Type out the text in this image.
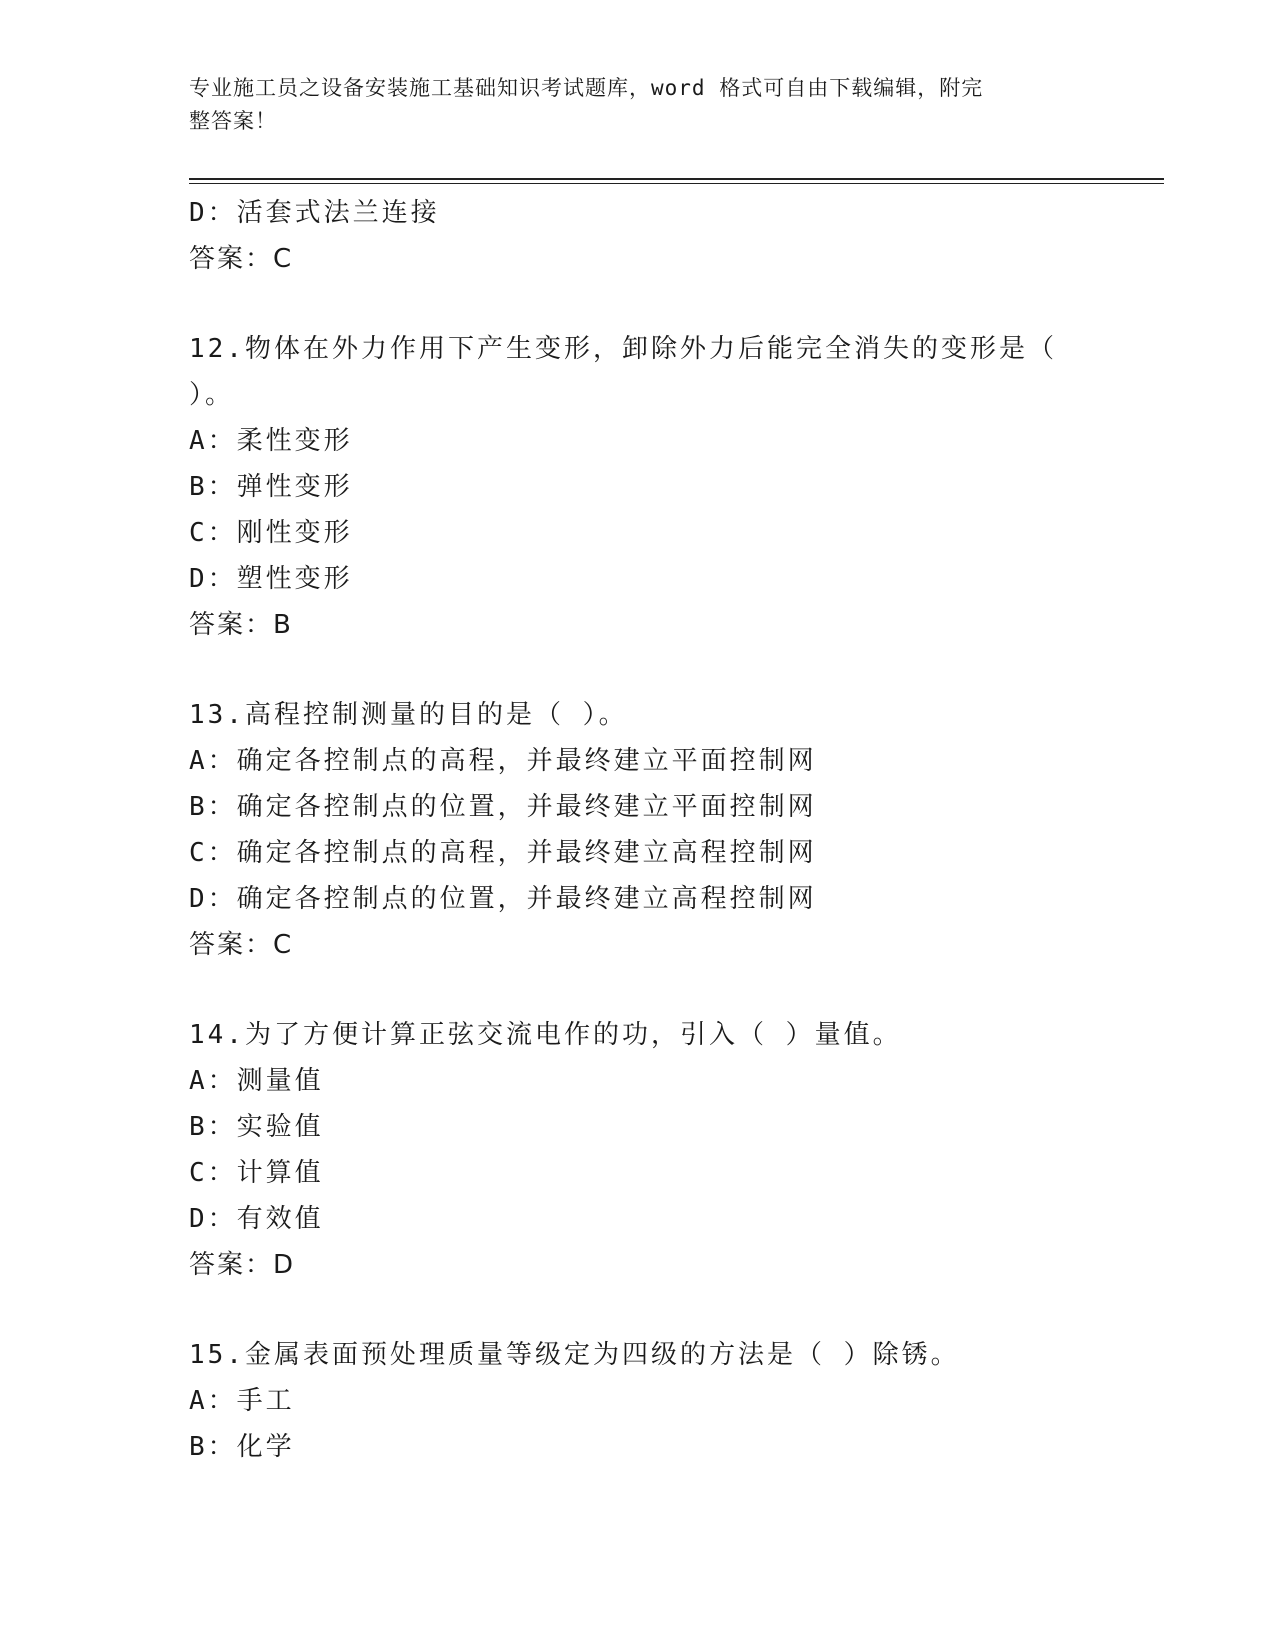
专业施工员之设备安装施工基础知识考试题库，word 格式可自由下载编辑，附完
整答案！
D：活套式法兰连接
答案：C
12.物体在外力作用下产生变形，卸除外力后能完全消失的变形是（
）。
A：柔性变形
B：弹性变形
C：刚性变形
D：塑性变形
答案：B
13.高程控制测量的目的是（ ）。
A：确定各控制点的高程，并最终建立平面控制网
B：确定各控制点的位置，并最终建立平面控制网
C：确定各控制点的高程，并最终建立高程控制网
D：确定各控制点的位置，并最终建立高程控制网
答案：C
14.为了方便计算正弦交流电作的功，引入（ ）量值。
A：测量值
B：实验值
C：计算值
D：有效值
答案：D
15.金属表面预处理质量等级定为四级的方法是（ ）除锈。
A：手工
B：化学
